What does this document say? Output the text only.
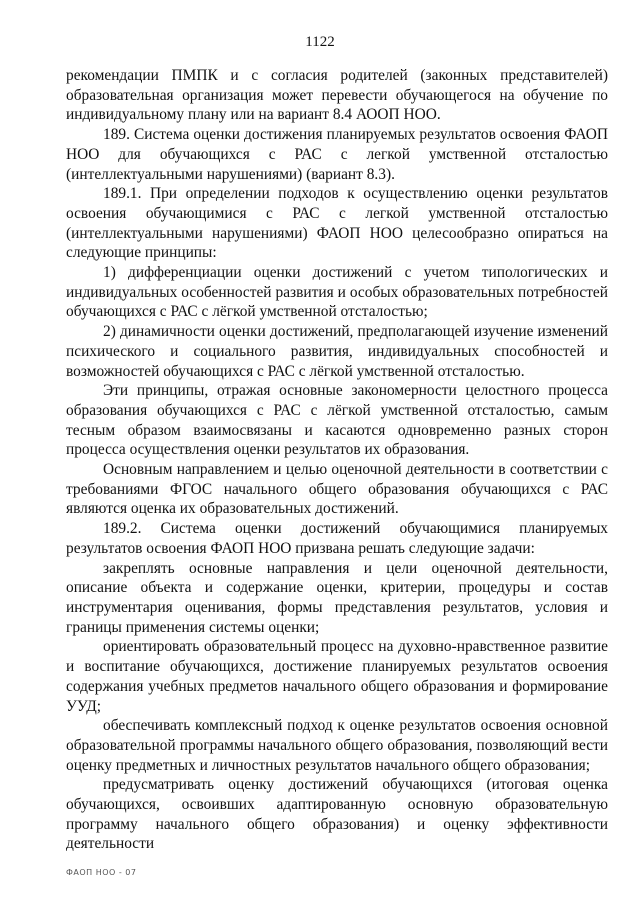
1122

рекомендации ПМПК и с согласия родителей (законных представителей) образовательная организация может перевести обучающегося на обучение по индивидуальному плану или на вариант 8.4 АООП НОО.

189. Система оценки достижения планируемых результатов освоения ФАОП НОО для обучающихся с РАС с легкой умственной отсталостью (интеллектуальными нарушениями) (вариант 8.3).

189.1. При определении подходов к осуществлению оценки результатов освоения обучающимися с РАС с легкой умственной отсталостью (интеллектуальными нарушениями) ФАОП НОО целесообразно опираться на следующие принципы:

1) дифференциации оценки достижений с учетом типологических и индивидуальных особенностей развития и особых образовательных потребностей обучающихся с РАС с лёгкой умственной отсталостью;

2) динамичности оценки достижений, предполагающей изучение изменений психического и социального развития, индивидуальных способностей и возможностей обучающихся с РАС с лёгкой умственной отсталостью.

Эти принципы, отражая основные закономерности целостного процесса образования обучающихся с РАС с лёгкой умственной отсталостью, самым тесным образом взаимосвязаны и касаются одновременно разных сторон процесса осуществления оценки результатов их образования.

Основным направлением и целью оценочной деятельности в соответствии с требованиями ФГОС начального общего образования обучающихся с РАС являются оценка их образовательных достижений.

189.2. Система оценки достижений обучающимися планируемых результатов освоения ФАОП НОО призвана решать следующие задачи:

закреплять основные направления и цели оценочной деятельности, описание объекта и содержание оценки, критерии, процедуры и состав инструментария оценивания, формы представления результатов, условия и границы применения системы оценки;

ориентировать образовательный процесс на духовно-нравственное развитие и воспитание обучающихся, достижение планируемых результатов освоения содержания учебных предметов начального общего образования и формирование УУД;

обеспечивать комплексный подход к оценке результатов освоения основной образовательной программы начального общего образования, позволяющий вести оценку предметных и личностных результатов начального общего образования;

предусматривать оценку достижений обучающихся (итоговая оценка обучающихся, освоивших адаптированную основную образовательную программу начального общего образования) и оценку эффективности деятельности

ФАОП НОО - 07
